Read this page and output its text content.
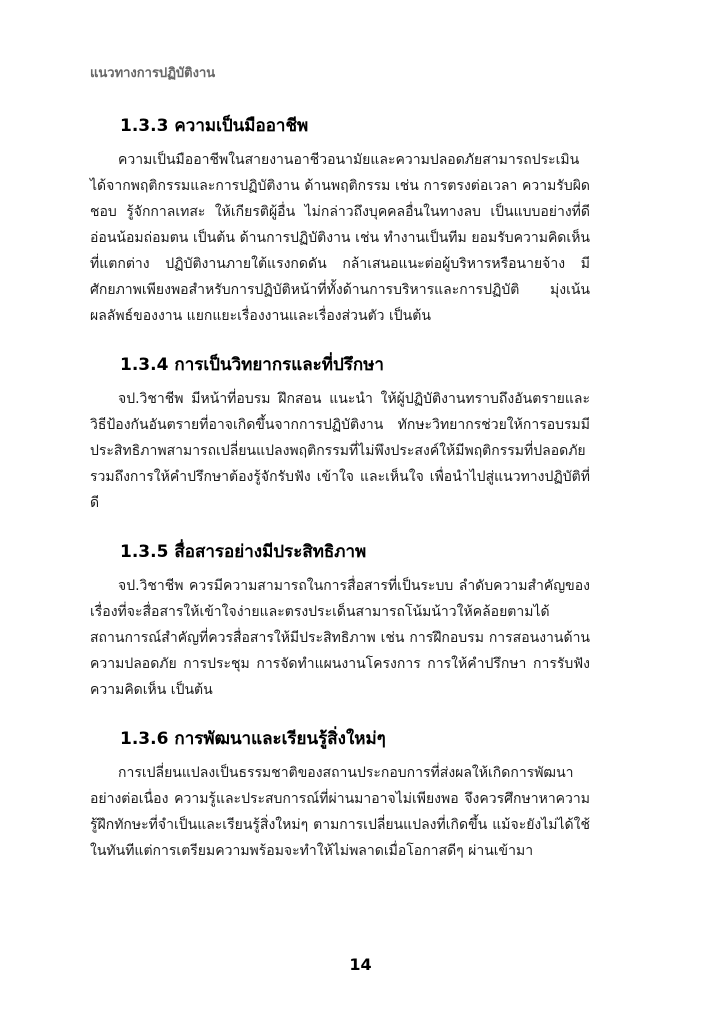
แนวทางการปฏิบัติงาน
1.3.3 ความเป็นมืออาชีพ

ความเป็นมืออาชีพในสายงานอาชีวอนามัยและความปลอดภัยสามารถประเมินได้จากพฤติกรรมและการปฏิบัติงาน ด้านพฤติกรรม เช่น การตรงต่อเวลา ความรับผิดชอบ รู้จักกาลเทสะ ให้เกียรติผู้อื่น ไม่กล่าวถึงบุคคลอื่นในทางลบ เป็นแบบอย่างที่ดี อ่อนน้อมถ่อมตน เป็นต้น ด้านการปฏิบัติงาน เช่น ทำงานเป็นทีม ยอมรับความคิดเห็นที่แตกต่าง ปฏิบัติงานภายใต้แรงกดดัน กล้าเสนอแนะต่อผู้บริหารหรือนายจ้าง มีศักยภาพเพียงพอสำหรับการปฏิบัติหน้าที่ทั้งด้านการบริหารและการปฏิบัติ มุ่งเน้นผลลัพธ์ของงาน แยกแยะเรื่องงานและเรื่องส่วนตัว เป็นต้น

1.3.4 การเป็นวิทยากรและที่ปรึกษา

จป.วิชาชีพ มีหน้าที่อบรม ฝึกสอน แนะนำ ให้ผู้ปฏิบัติงานทราบถึงอันตรายและวิธีป้องกันอันตรายที่อาจเกิดขึ้นจากการปฏิบัติงาน ทักษะวิทยากรช่วยให้การอบรมมีประสิทธิภาพสามารถเปลี่ยนแปลงพฤติกรรมที่ไม่พึงประสงค์ให้มีพฤติกรรมที่ปลอดภัย รวมถึงการให้คำปรึกษาต้องรู้จักรับฟัง เข้าใจ และเห็นใจ เพื่อนำไปสู่แนวทางปฏิบัติที่ดี

1.3.5 สื่อสารอย่างมีประสิทธิภาพ

จป.วิชาชีพ ควรมีความสามารถในการสื่อสารที่เป็นระบบ ลำดับความสำคัญของเรื่องที่จะสื่อสารให้เข้าใจง่ายและตรงประเด็นสามารถโน้มน้าวให้คล้อยตามได้ สถานการณ์สำคัญที่ควรสื่อสารให้มีประสิทธิภาพ เช่น การฝึกอบรม การสอนงานด้านความปลอดภัย การประชุม การจัดทำแผนงานโครงการ การให้คำปรึกษา การรับฟังความคิดเห็น เป็นต้น

1.3.6 การพัฒนาและเรียนรู้สิ่งใหม่ๆ

การเปลี่ยนแปลงเป็นธรรมชาติของสถานประกอบการที่ส่งผลให้เกิดการพัฒนาอย่างต่อเนื่อง ความรู้และประสบการณ์ที่ผ่านมาอาจไม่เพียงพอ จึงควรศึกษาหาความรู้ฝึกทักษะที่จำเป็นและเรียนรู้สิ่งใหม่ๆ ตามการเปลี่ยนแปลงที่เกิดขึ้น แม้จะยังไม่ได้ใช้ในทันทีแต่การเตรียมความพร้อมจะทำให้ไม่พลาดเมื่อโอกาสดีๆ ผ่านเข้ามา

14
